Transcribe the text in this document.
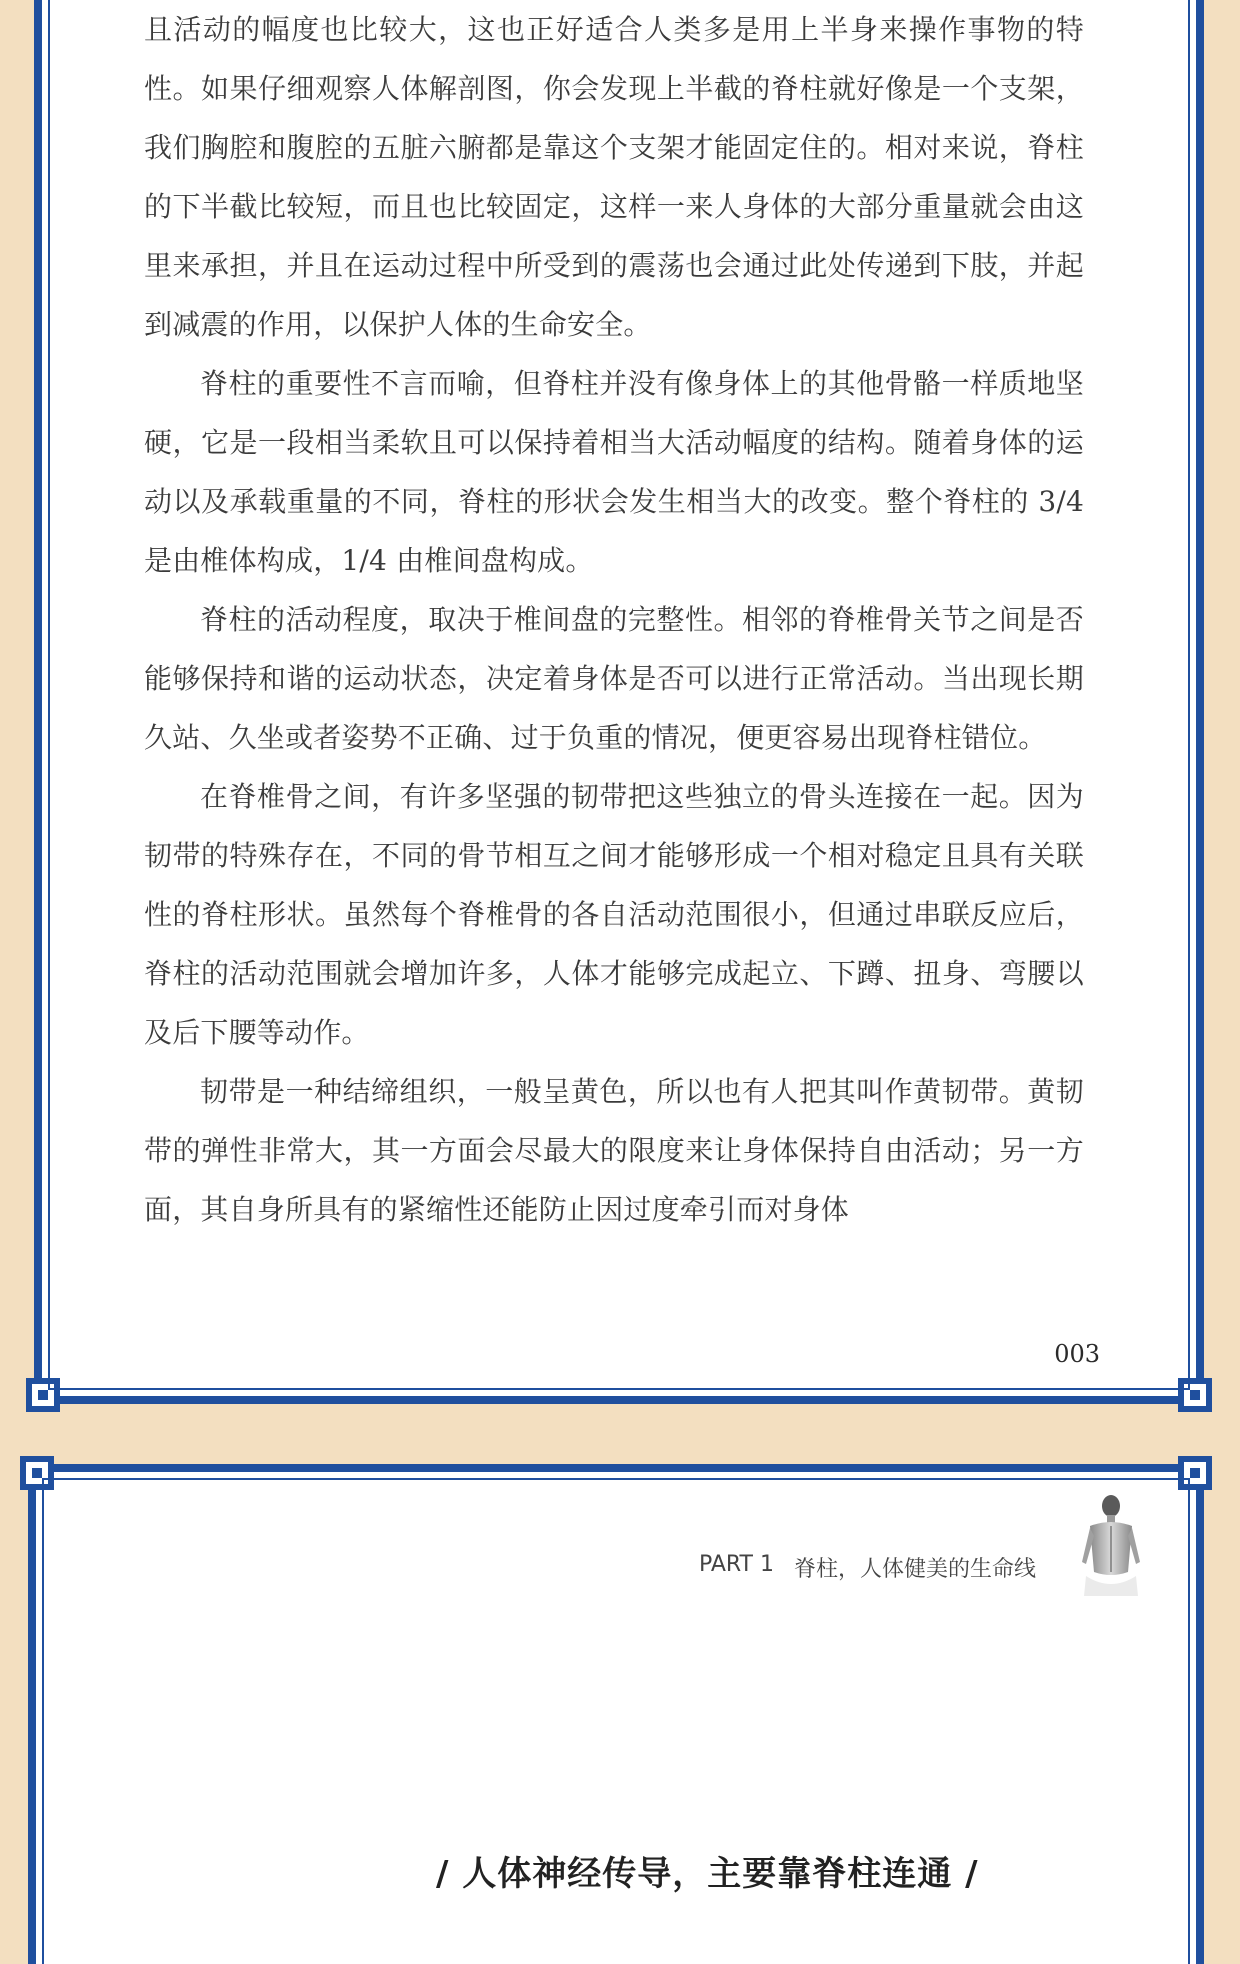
且活动的幅度也比较大，这也正好适合人类多是用上半身来操作事物的特性。如果仔细观察人体解剖图，你会发现上半截的脊柱就好像是一个支架，我们胸腔和腹腔的五脏六腑都是靠这个支架才能固定住的。相对来说，脊柱的下半截比较短，而且也比较固定，这样一来人身体的大部分重量就会由这里来承担，并且在运动过程中所受到的震荡也会通过此处传递到下肢，并起到减震的作用，以保护人体的生命安全。

脊柱的重要性不言而喻，但脊柱并没有像身体上的其他骨骼一样质地坚硬，它是一段相当柔软且可以保持着相当大活动幅度的结构。随着身体的运动以及承载重量的不同，脊柱的形状会发生相当大的改变。整个脊柱的 3/4 是由椎体构成，1/4 由椎间盘构成。

脊柱的活动程度，取决于椎间盘的完整性。相邻的脊椎骨关节之间是否能够保持和谐的运动状态，决定着身体是否可以进行正常活动。当出现长期久站、久坐或者姿势不正确、过于负重的情况，便更容易出现脊柱错位。

在脊椎骨之间，有许多坚强的韧带把这些独立的骨头连接在一起。因为韧带的特殊存在，不同的骨节相互之间才能够形成一个相对稳定且具有关联性的脊柱形状。虽然每个脊椎骨的各自活动范围很小，但通过串联反应后，脊柱的活动范围就会增加许多，人体才能够完成起立、下蹲、扭身、弯腰以及后下腰等动作。

韧带是一种结缔组织，一般呈黄色，所以也有人把其叫作黄韧带。黄韧带的弹性非常大，其一方面会尽最大的限度来让身体保持自由活动；另一方面，其自身所具有的紧缩性还能防止因过度牵引而对身体

003
PART 1 脊柱，人体健美的生命线
/ 人体神经传导，主要靠脊柱连通 /
